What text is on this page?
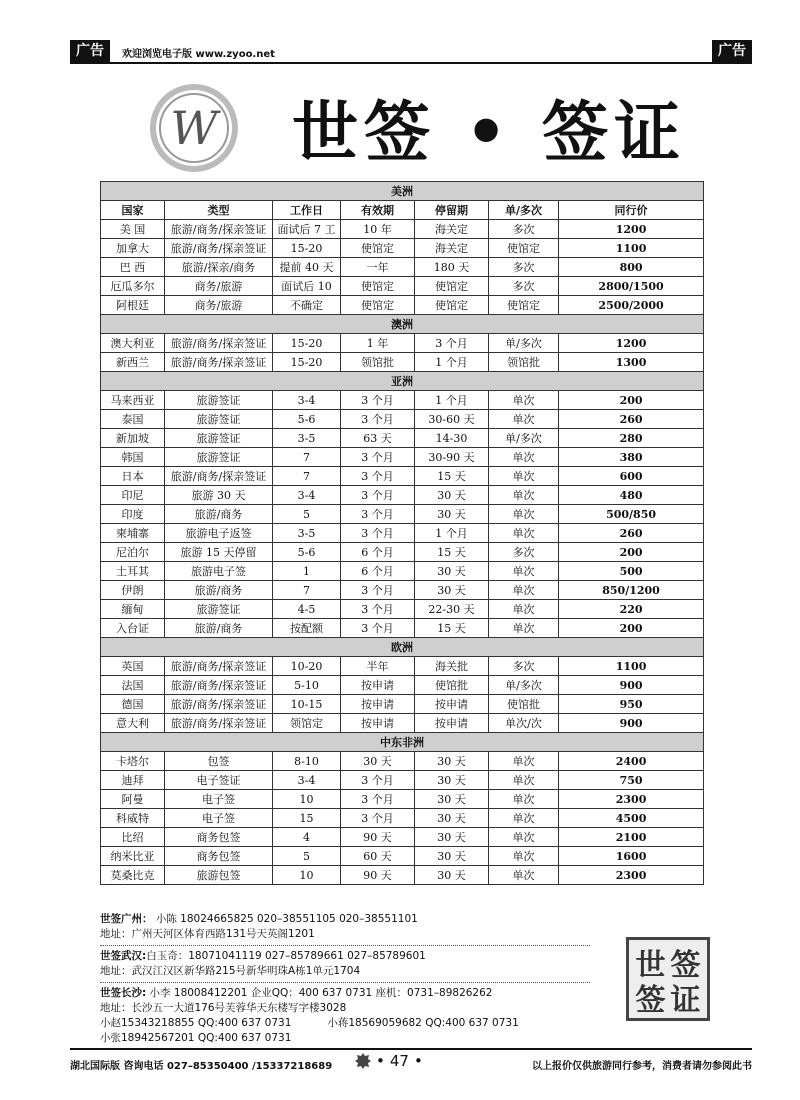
广告	欢迎浏览电子版 www.zyoo.net	广告
W 世签 • 签证
美洲						
国家	类型	工作日	有效期	停留期	单/多次	同行价
美 国	旅游/商务/探亲签证	面试后 7 工	10 年	海关定	多次	1200
加拿大	旅游/商务/探亲签证	15-20	使馆定	海关定	使馆定	1100
巴 西	旅游/探亲/商务	提前 40 天	一年	180 天	多次	800
厄瓜多尔	商务/旅游	面试后 10	使馆定	使馆定	多次	2800/1500
阿根廷	商务/旅游	不确定	使馆定	使馆定	使馆定	2500/2000
澳洲						
澳大利亚	旅游/商务/探亲签证	15-20	1 年	3 个月	单/多次	1200
新西兰	旅游/商务/探亲签证	15-20	领馆批	1 个月	领馆批	1300
亚洲						
马来西亚	旅游签证	3-4	3 个月	1 个月	单次	200
泰国	旅游签证	5-6	3 个月	30-60 天	单次	260
新加坡	旅游签证	3-5	63 天	14-30	单/多次	280
韩国	旅游签证	7	3 个月	30-90 天	单次	380
日本	旅游/商务/探亲签证	7	3 个月	15 天	单次	600
印尼	旅游 30 天	3-4	3 个月	30 天	单次	480
印度	旅游/商务	5	3 个月	30 天	单次	500/850
柬埔寨	旅游电子返签	3-5	3 个月	1 个月	单次	260
尼泊尔	旅游 15 天停留	5-6	6 个月	15 天	多次	200
土耳其	旅游电子签	1	6 个月	30 天	单次	500
伊朗	旅游/商务	7	3 个月	30 天	单次	850/1200
缅甸	旅游签证	4-5	3 个月	22-30 天	单次	220
入台证	旅游/商务	按配额	3 个月	15 天	单次	200
欧洲						
英国	旅游/商务/探亲签证	10-20	半年	海关批	多次	1100
法国	旅游/商务/探亲签证	5-10	按申请	使馆批	单/多次	900
德国	旅游/商务/探亲签证	10-15	按申请	按申请	使馆批	950
意大利	旅游/商务/探亲签证	领馆定	按申请	按申请	单次/次	900
中东非洲						
卡塔尔	包签	8-10	30 天	30 天	单次	2400
迪拜	电子签证	3-4	3 个月	30 天	单次	750
阿曼	电子签	10	3 个月	30 天	单次	2300
科威特	电子签	15	3 个月	30 天	单次	4500
比绍	商务包签	4	90 天	30 天	单次	2100
纳米比亚	商务包签	5	60 天	30 天	单次	1600
莫桑比克	旅游包签	10	90 天	30 天	单次	2300
世签广州： 小陈 18024665825 020–38551105 020–38551101
地址：广州天河区体育西路131号天英阁1201
世签武汉:白玉奇：18071041119 027–85789661 027–85789601
地址：武汉江汉区新华路215号新华明珠A栋1单元1704
世签长沙: 小李 18008412201 企业QQ：400 637 0731 座机：0731–89826262
地址：长沙五一大道176号芙蓉华天东楼写字楼3028
小赵15343218855 QQ:400 637 0731	小蒋18569059682 QQ:400 637 0731
小张18942567201 QQ:400 637 0731
世 签
签 证
湖北国际版 咨询电话 027–85350400 /15337218689	• 47 •	以上报价仅供旅游同行参考，消费者请勿参阅此书
